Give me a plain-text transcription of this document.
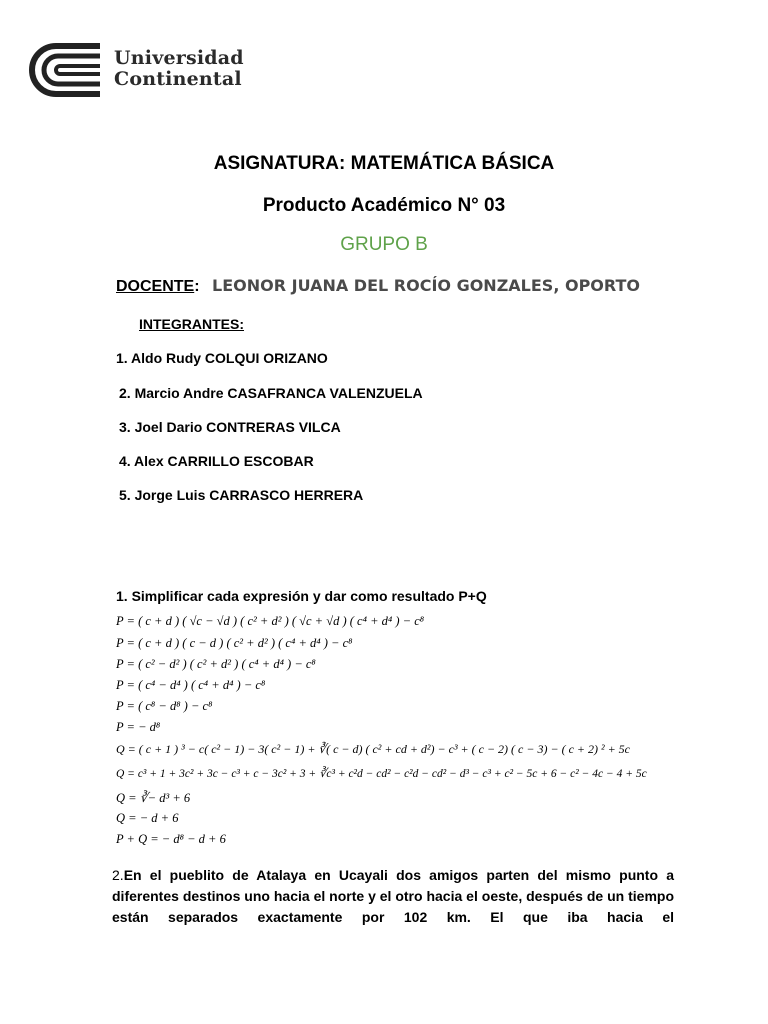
Universidad
Continental
ASIGNATURA: MATEMÁTICA BÁSICA
Producto Académico N° 03
GRUPO B
DOCENTE: LEONOR JUANA DEL ROCÍO GONZALES, OPORTO
INTEGRANTES:
1. Aldo Rudy COLQUI ORIZANO
2. Marcio Andre CASAFRANCA VALENZUELA
3. Joel Dario CONTRERAS VILCA
4. Alex CARRILLO ESCOBAR
5. Jorge Luis CARRASCO HERRERA
1. Simplificar cada expresión y dar como resultado P+Q
P = ( c + d ) ( √c − √d ) ( c² + d² ) ( √c + √d ) ( c⁴ + d⁴ ) − c⁸
P = ( c + d ) ( c − d ) ( c² + d² ) ( c⁴ + d⁴ ) − c⁸
P = ( c² − d² ) ( c² + d² ) ( c⁴ + d⁴ ) − c⁸
P = ( c⁴ − d⁴ ) ( c⁴ + d⁴ ) − c⁸
P = ( c⁸ − d⁸ ) − c⁸
P = − d⁸
Q = ( c + 1 ) ³ − c( c² − 1) − 3( c² − 1) + ∛( c − d) ( c² + cd + d²) − c³ + ( c − 2) ( c − 3) − ( c + 2) ² + 5c
Q = c³ + 1 + 3c² + 3c − c³ + c − 3c² + 3 + ∛c³ + c²d − cd² − c²d − cd² − d³ − c³ + c² − 5c + 6 − c² − 4c − 4 + 5c
Q = ∛− d³ + 6
Q = − d + 6
P + Q = − d⁸ − d + 6
2.En el pueblito de Atalaya en Ucayali dos amigos parten del mismo punto a diferentes destinos uno hacia el norte y el otro hacia el oeste, después de un tiempo están separados exactamente por 102 km. El que iba hacia el
